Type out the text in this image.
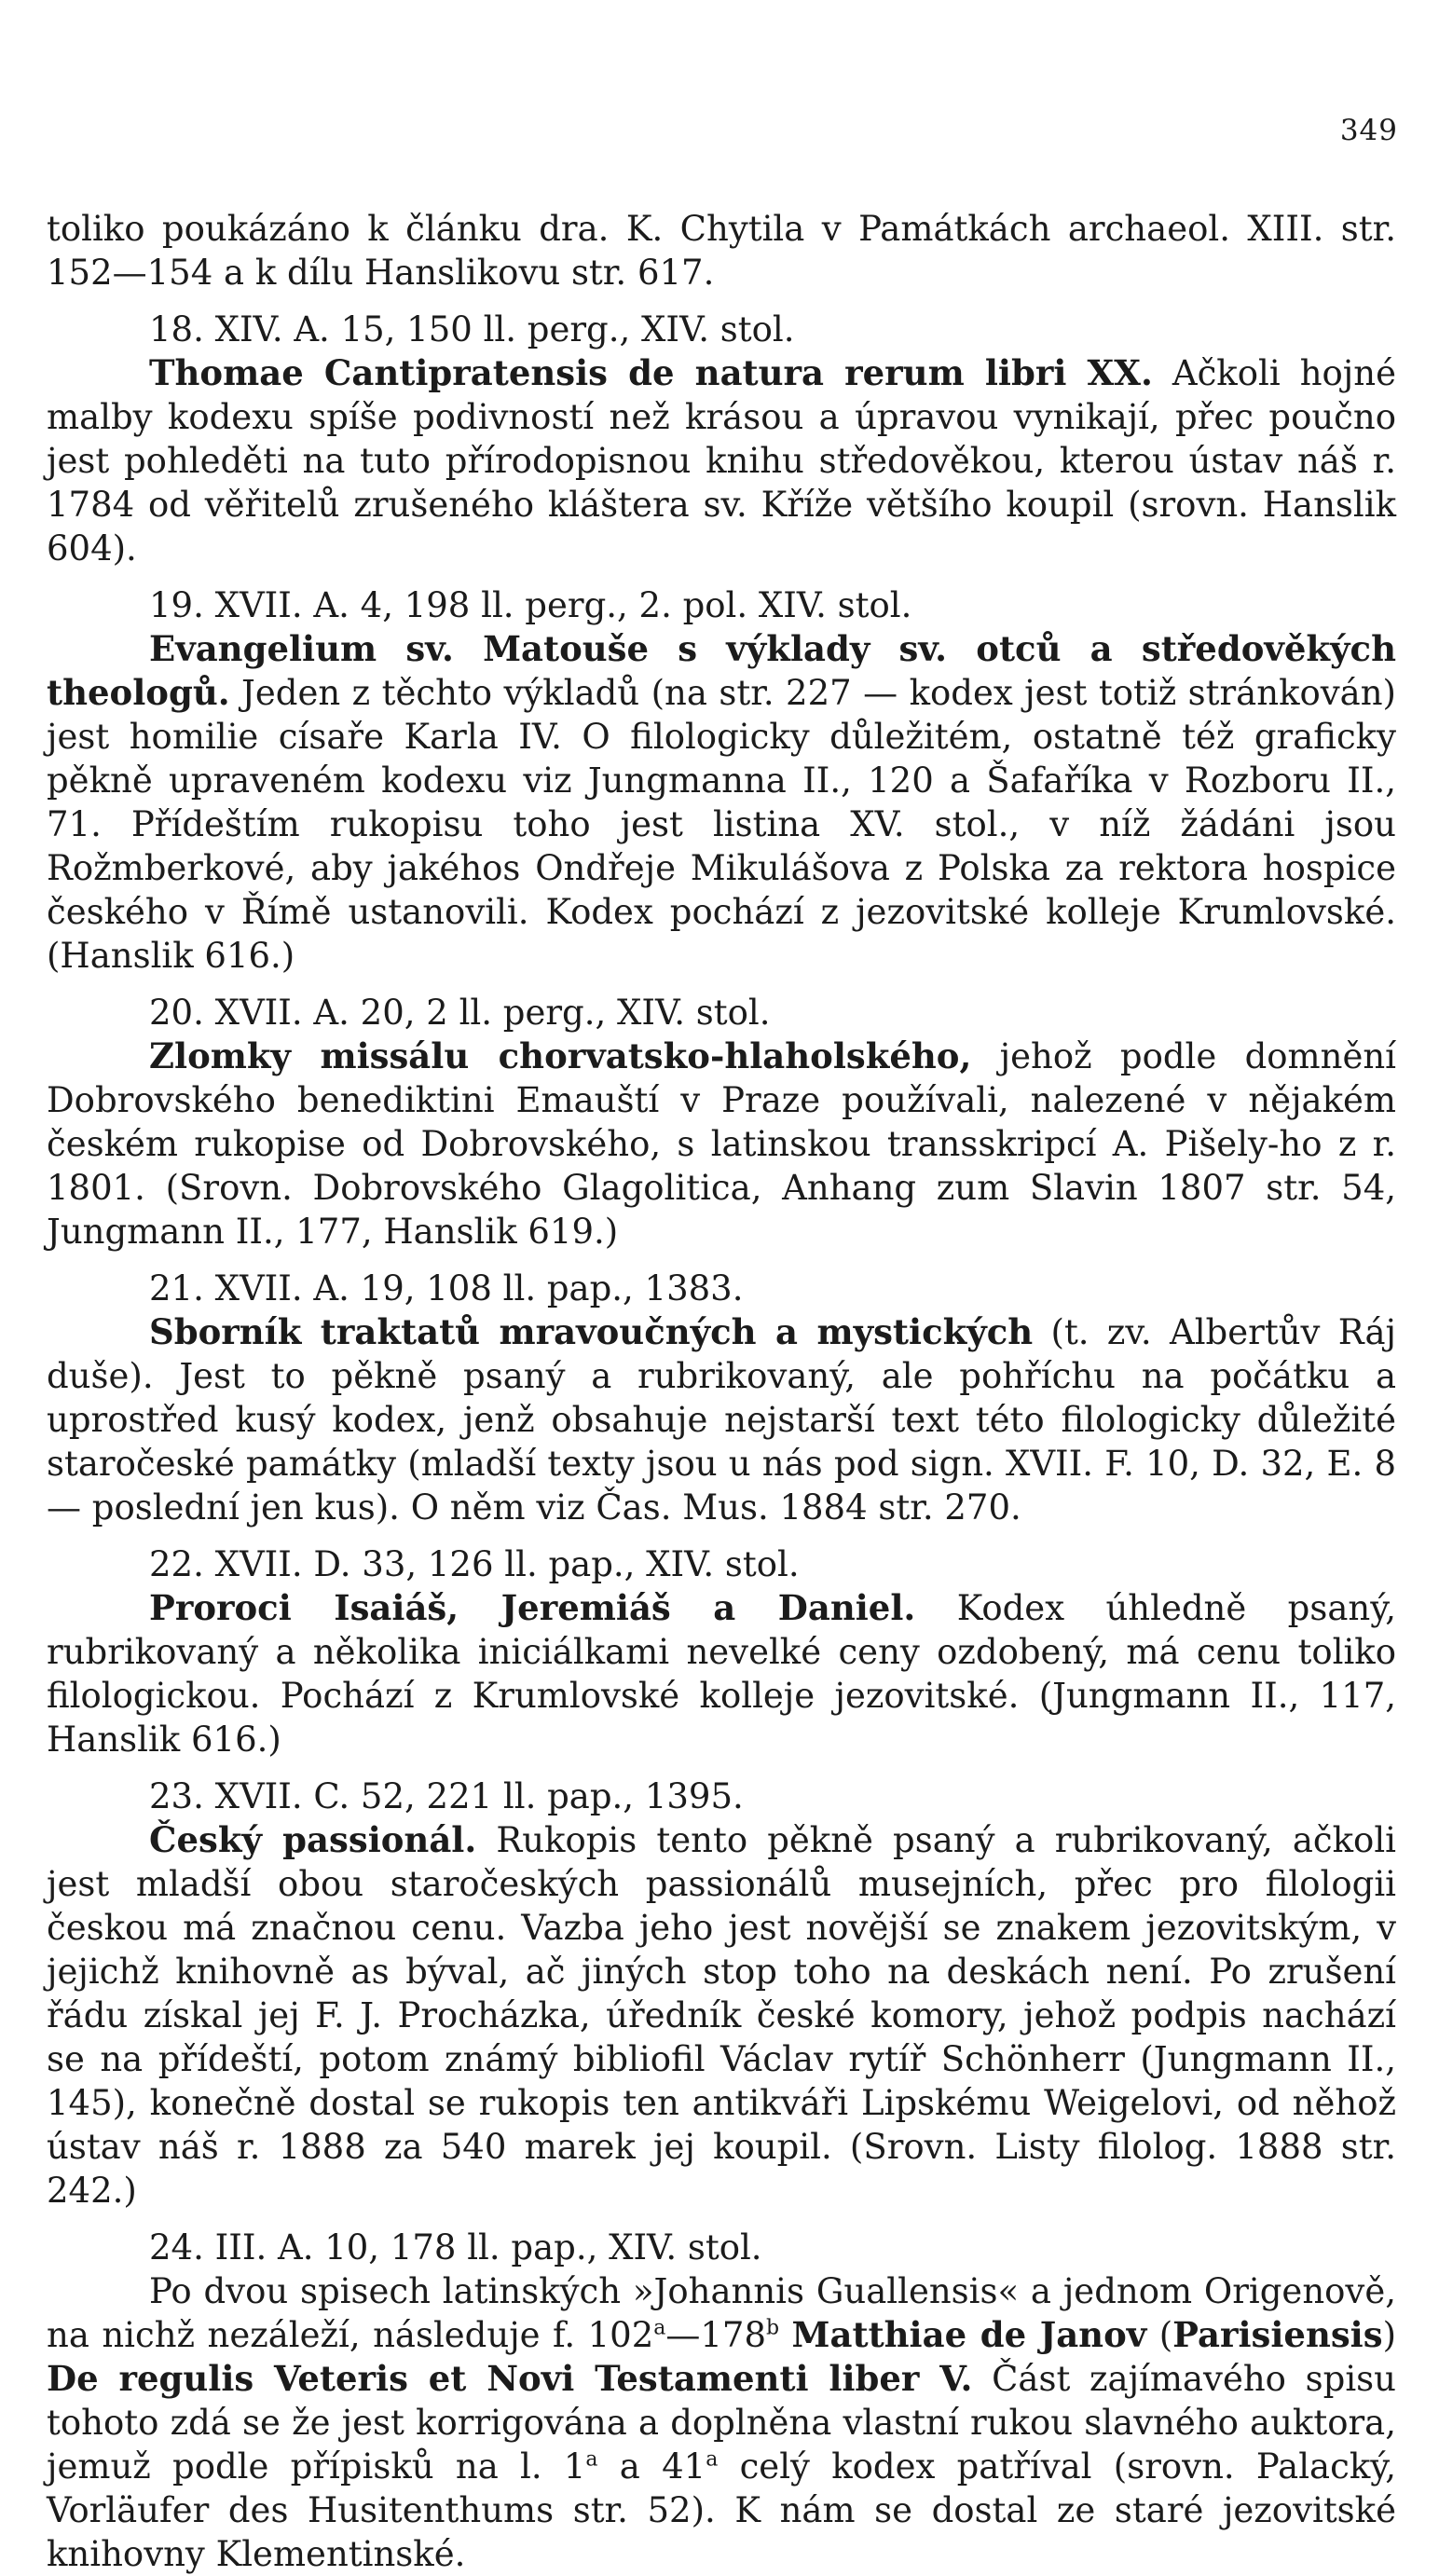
349

toliko poukázáno k článku dra. K. Chytila v Památkách archaeol. XIII. str. 152—154 a k dílu Hanslikovu str. 617.

18. XIV. A. 15, 150 ll. perg., XIV. stol.

Thomae Cantipratensis de natura rerum libri XX. Ačkoli hojné malby kodexu spíše podivností než krásou a úpravou vynikají, přec poučno jest pohleděti na tuto přírodopisnou knihu středověkou, kterou ústav náš r. 1784 od věřitelů zrušeného kláštera sv. Kříže většího koupil (srovn. Hanslik 604).

19. XVII. A. 4, 198 ll. perg., 2. pol. XIV. stol.

Evangelium sv. Matouše s výklady sv. otců a středověkých theologů. Jeden z těchto výkladů (na str. 227 — kodex jest totiž stránkován) jest homilie císaře Karla IV. O filologicky důležitém, ostatně též graficky pěkně upraveném kodexu viz Jungmanna II., 120 a Šafaříka v Rozboru II., 71. Přídeštím rukopisu toho jest listina XV. stol., v níž žádáni jsou Rožmberkové, aby jakéhos Ondřeje Mikulášova z Polska za rektora hospice českého v Římě ustanovili. Kodex pochází z jezovitské kolleje Krumlovské. (Hanslik 616.)

20. XVII. A. 20, 2 ll. perg., XIV. stol.

Zlomky missálu chorvatsko-hlaholského, jehož podle domnění Dobrovského benediktini Emauští v Praze používali, nalezené v nějakém českém rukopise od Dobrovského, s latinskou transskripcí A. Pišely-ho z r. 1801. (Srovn. Dobrovského Glagolitica, Anhang zum Slavin 1807 str. 54, Jungmann II., 177, Hanslik 619.)

21. XVII. A. 19, 108 ll. pap., 1383.

Sborník traktatů mravoučných a mystických (t. zv. Albertův Ráj duše). Jest to pěkně psaný a rubrikovaný, ale pohříchu na počátku a uprostřed kusý kodex, jenž obsahuje nejstarší text této filologicky důležité staročeské památky (mladší texty jsou u nás pod sign. XVII. F. 10, D. 32, E. 8 — poslední jen kus). O něm viz Čas. Mus. 1884 str. 270.

22. XVII. D. 33, 126 ll. pap., XIV. stol.

Proroci Isaiáš, Jeremiáš a Daniel. Kodex úhledně psaný, rubrikovaný a několika iniciálkami nevelké ceny ozdobený, má cenu toliko filologickou. Pochází z Krumlovské kolleje jezovitské. (Jungmann II., 117, Hanslik 616.)

23. XVII. C. 52, 221 ll. pap., 1395.

Český passionál. Rukopis tento pěkně psaný a rubrikovaný, ačkoli jest mladší obou staročeských passionálů musejních, přec pro filologii českou má značnou cenu. Vazba jeho jest novější se znakem jezovitským, v jejichž knihovně as býval, ač jiných stop toho na deskách není. Po zrušení řádu získal jej F. J. Procházka, úředník české komory, jehož podpis nachází se na přídeští, potom známý bibliofil Václav rytíř Schönherr (Jungmann II., 145), konečně dostal se rukopis ten antikváři Lipskému Weigelovi, od něhož ústav náš r. 1888 za 540 marek jej koupil. (Srovn. Listy filolog. 1888 str. 242.)

24. III. A. 10, 178 ll. pap., XIV. stol.

Po dvou spisech latinských »Johannis Guallensis« a jednom Origenově, na nichž nezáleží, následuje f. 102$^a$—178$^b$ Matthiae de Janov (Parisiensis) De regulis Veteris et Novi Testamenti liber V. Část zajímavého spisu tohoto zdá se že jest korrigována a doplněna vlastní rukou slavného auktora, jemuž podle přípisků na l. 1$^a$ a 41$^a$ celý kodex patříval (srovn. Palacký, Vorläufer des Husitenthums str. 52). K nám se dostal ze staré jezovitské knihovny Klementinské.
